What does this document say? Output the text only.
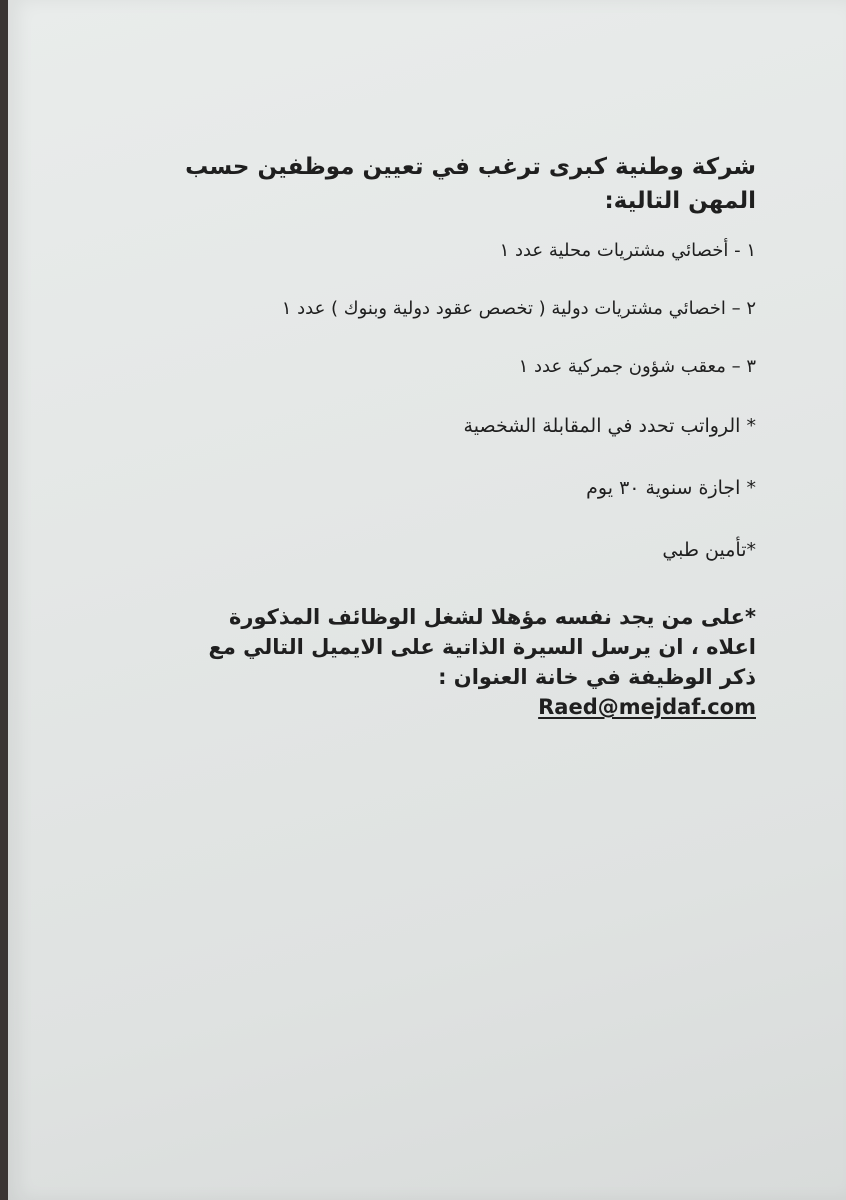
شركة وطنية كبرى ترغب في تعيين موظفين حسب
المهن التالية:
١ - أخصائي مشتريات محلية عدد ١
٢ – اخصائي مشتريات دولية ( تخصص عقود دولية وبنوك ) عدد ١
٣ – معقب شؤون جمركية عدد ١
* الرواتب تحدد في المقابلة الشخصية
* اجازة سنوية ٣٠ يوم
*تأمين طبي

*على من يجد نفسه مؤهلا لشغل الوظائف المذكورة

اعلاه ، ان يرسل السيرة الذاتية على الايميل التالي مع

ذكر الوظيفة في خانة العنوان :

Raed@mejdaf.com
